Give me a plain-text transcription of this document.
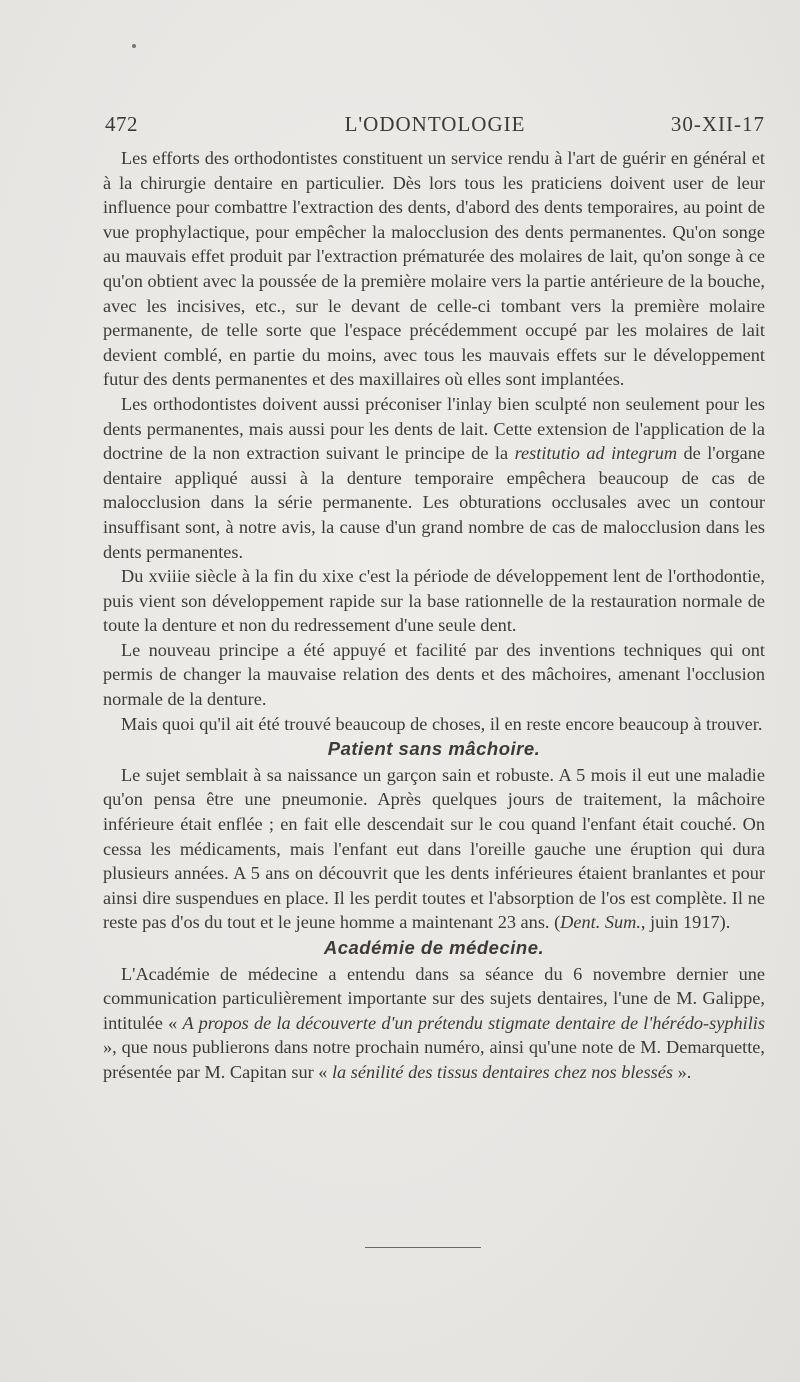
472	L'ODONTOLOGIE	30-XII-17

Les efforts des orthodontistes constituent un service rendu à l'art de guérir en général et à la chirurgie dentaire en particulier. Dès lors tous les praticiens doivent user de leur influence pour combattre l'extraction des dents, d'abord des dents temporaires, au point de vue prophylactique, pour empêcher la malocclusion des dents permanentes. Qu'on songe au mauvais effet produit par l'extraction prématurée des molaires de lait, qu'on songe à ce qu'on obtient avec la poussée de la première molaire vers la partie antérieure de la bouche, avec les incisives, etc., sur le devant de celle-ci tombant vers la première molaire permanente, de telle sorte que l'espace précédemment occupé par les molaires de lait devient comblé, en partie du moins, avec tous les mauvais effets sur le développement futur des dents permanentes et des maxillaires où elles sont implantées.

Les orthodontistes doivent aussi préconiser l'inlay bien sculpté non seulement pour les dents permanentes, mais aussi pour les dents de lait. Cette extension de l'application de la doctrine de la non extraction suivant le principe de la restitutio ad integrum de l'organe dentaire appliqué aussi à la denture temporaire empêchera beaucoup de cas de malocclusion dans la série permanente. Les obturations occlusales avec un contour insuffisant sont, à notre avis, la cause d'un grand nombre de cas de malocclusion dans les dents permanentes.

Du xviiie siècle à la fin du xixe c'est la période de développement lent de l'orthodontie, puis vient son développement rapide sur la base rationnelle de la restauration normale de toute la denture et non du redressement d'une seule dent.

Le nouveau principe a été appuyé et facilité par des inventions techniques qui ont permis de changer la mauvaise relation des dents et des mâchoires, amenant l'occlusion normale de la denture.

Mais quoi qu'il ait été trouvé beaucoup de choses, il en reste encore beaucoup à trouver.

Patient sans mâchoire.

Le sujet semblait à sa naissance un garçon sain et robuste. A 5 mois il eut une maladie qu'on pensa être une pneumonie. Après quelques jours de traitement, la mâchoire inférieure était enflée ; en fait elle descendait sur le cou quand l'enfant était couché. On cessa les médicaments, mais l'enfant eut dans l'oreille gauche une éruption qui dura plusieurs années. A 5 ans on découvrit que les dents inférieures étaient branlantes et pour ainsi dire suspendues en place. Il les perdit toutes et l'absorption de l'os est complète. Il ne reste pas d'os du tout et le jeune homme a maintenant 23 ans. (Dent. Sum., juin 1917).

Académie de médecine.

L'Académie de médecine a entendu dans sa séance du 6 novembre dernier une communication particulièrement importante sur des sujets dentaires, l'une de M. Galippe, intitulée « A propos de la découverte d'un prétendu stigmate dentaire de l'hérédo-syphilis », que nous publierons dans notre prochain numéro, ainsi qu'une note de M. Demarquette, présentée par M. Capitan sur « la sénilité des tissus dentaires chez nos blessés ».
